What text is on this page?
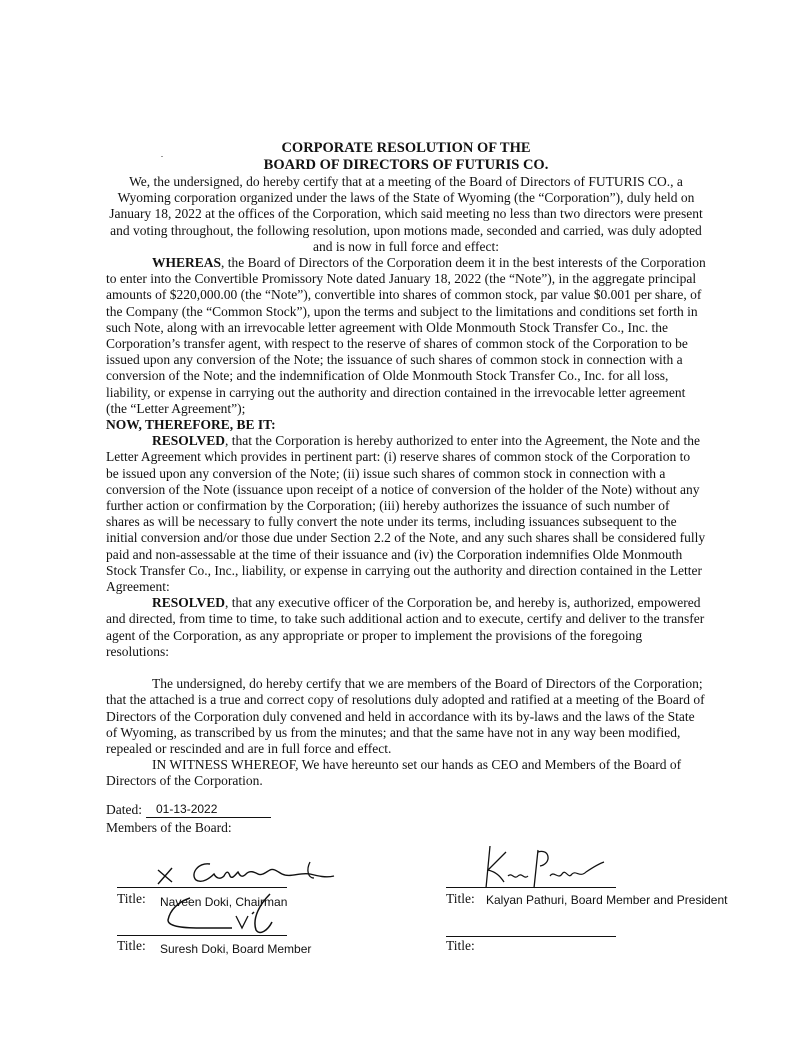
CORPORATE RESOLUTION OF THE

BOARD OF DIRECTORS OF FUTURIS CO.

We, the undersigned, do hereby certify that at a meeting of the Board of Directors of FUTURIS CO., a Wyoming corporation organized under the laws of the State of Wyoming (the “Corporation”), duly held on January 18, 2022 at the offices of the Corporation, which said meeting no less than two directors were present and voting throughout, the following resolution, upon motions made, seconded and carried, was duly adopted and is now in full force and effect:

WHEREAS, the Board of Directors of the Corporation deem it in the best interests of the Corporation to enter into the Convertible Promissory Note dated January 18, 2022 (the “Note”), in the aggregate principal amounts of $220,000.00 (the “Note”), convertible into shares of common stock, par value $0.001 per share, of the Company (the “Common Stock”), upon the terms and subject to the limitations and conditions set forth in such Note, along with an irrevocable letter agreement with Olde Monmouth Stock Transfer Co., Inc. the Corporation’s transfer agent, with respect to the reserve of shares of common stock of the Corporation to be issued upon any conversion of the Note; the issuance of such shares of common stock in connection with a conversion of the Note; and the indemnification of Olde Monmouth Stock Transfer Co., Inc. for all loss, liability, or expense in carrying out the authority and direction contained in the irrevocable letter agreement (the “Letter Agreement”);

NOW, THEREFORE, BE IT:

RESOLVED, that the Corporation is hereby authorized to enter into the Agreement, the Note and the Letter Agreement which provides in pertinent part: (i) reserve shares of common stock of the Corporation to be issued upon any conversion of the Note; (ii) issue such shares of common stock in connection with a conversion of the Note (issuance upon receipt of a notice of conversion of the holder of the Note) without any further action or confirmation by the Corporation; (iii) hereby authorizes the issuance of such number of shares as will be necessary to fully convert the note under its terms, including issuances subsequent to the initial conversion and/or those due under Section 2.2 of the Note, and any such shares shall be considered fully paid and non-assessable at the time of their issuance and (iv) the Corporation indemnifies Olde Monmouth Stock Transfer Co., Inc., liability, or expense in carrying out the authority and direction contained in the Letter Agreement:

RESOLVED, that any executive officer of the Corporation be, and hereby is, authorized, empowered and directed, from time to time, to take such additional action and to execute, certify and deliver to the transfer agent of the Corporation, as any appropriate or proper to implement the provisions of the foregoing resolutions:

The undersigned, do hereby certify that we are members of the Board of Directors of the Corporation; that the attached is a true and correct copy of resolutions duly adopted and ratified at a meeting of the Board of Directors of the Corporation duly convened and held in accordance with its by-laws and the laws of the State of Wyoming, as transcribed by us from the minutes; and that the same have not in any way been modified, repealed or rescinded and are in full force and effect.

IN WITNESS WHEREOF, We have hereunto set our hands as CEO and Members of the Board of Directors of the Corporation.

Dated: 01-13-2022
Members of the Board:
Title: Naveen Doki, Chairman	Title: Kalyan Pathuri, Board Member and President
Title: Suresh Doki, Board Member	Title:
